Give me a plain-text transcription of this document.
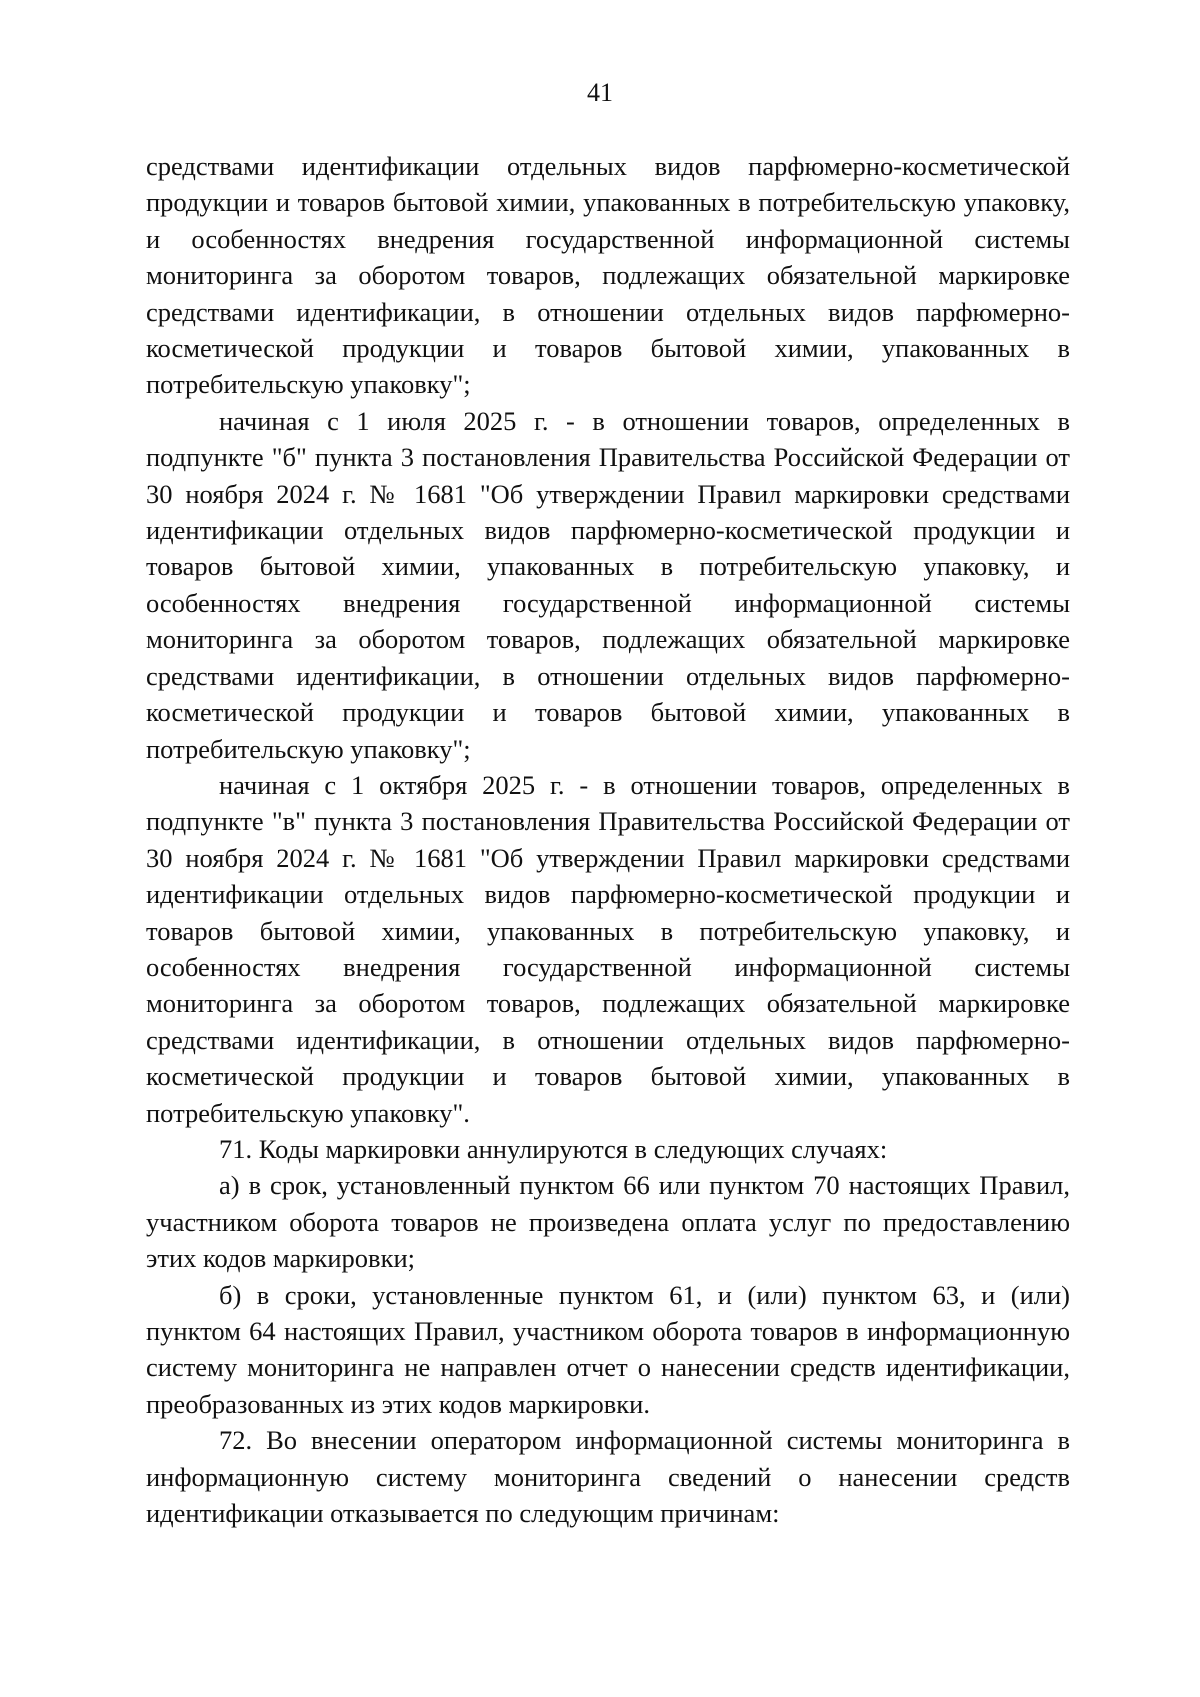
41

средствами идентификации отдельных видов парфюмерно-косметической продукции и товаров бытовой химии, упакованных в потребительскую упаковку, и особенностях внедрения государственной информационной системы мониторинга за оборотом товаров, подлежащих обязательной маркировке средствами идентификации, в отношении отдельных видов парфюмерно-косметической продукции и товаров бытовой химии, упакованных в потребительскую упаковку";

начиная с 1 июля 2025 г. - в отношении товаров, определенных в подпункте "б" пункта 3 постановления Правительства Российской Федерации от 30 ноября 2024 г. № 1681 "Об утверждении Правил маркировки средствами идентификации отдельных видов парфюмерно-косметической продукции и товаров бытовой химии, упакованных в потребительскую упаковку, и особенностях внедрения государственной информационной системы мониторинга за оборотом товаров, подлежащих обязательной маркировке средствами идентификации, в отношении отдельных видов парфюмерно-косметической продукции и товаров бытовой химии, упакованных в потребительскую упаковку";

начиная с 1 октября 2025 г. - в отношении товаров, определенных в подпункте "в" пункта 3 постановления Правительства Российской Федерации от 30 ноября 2024 г. № 1681 "Об утверждении Правил маркировки средствами идентификации отдельных видов парфюмерно-косметической продукции и товаров бытовой химии, упакованных в потребительскую упаковку, и особенностях внедрения государственной информационной системы мониторинга за оборотом товаров, подлежащих обязательной маркировке средствами идентификации, в отношении отдельных видов парфюмерно-косметической продукции и товаров бытовой химии, упакованных в потребительскую упаковку".

71. Коды маркировки аннулируются в следующих случаях:

а) в срок, установленный пунктом 66 или пунктом 70 настоящих Правил, участником оборота товаров не произведена оплата услуг по предоставлению этих кодов маркировки;

б) в сроки, установленные пунктом 61, и (или) пунктом 63, и (или) пунктом 64 настоящих Правил, участником оборота товаров в информационную систему мониторинга не направлен отчет о нанесении средств идентификации, преобразованных из этих кодов маркировки.

72. Во внесении оператором информационной системы мониторинга в информационную систему мониторинга сведений о нанесении средств идентификации отказывается по следующим причинам:
